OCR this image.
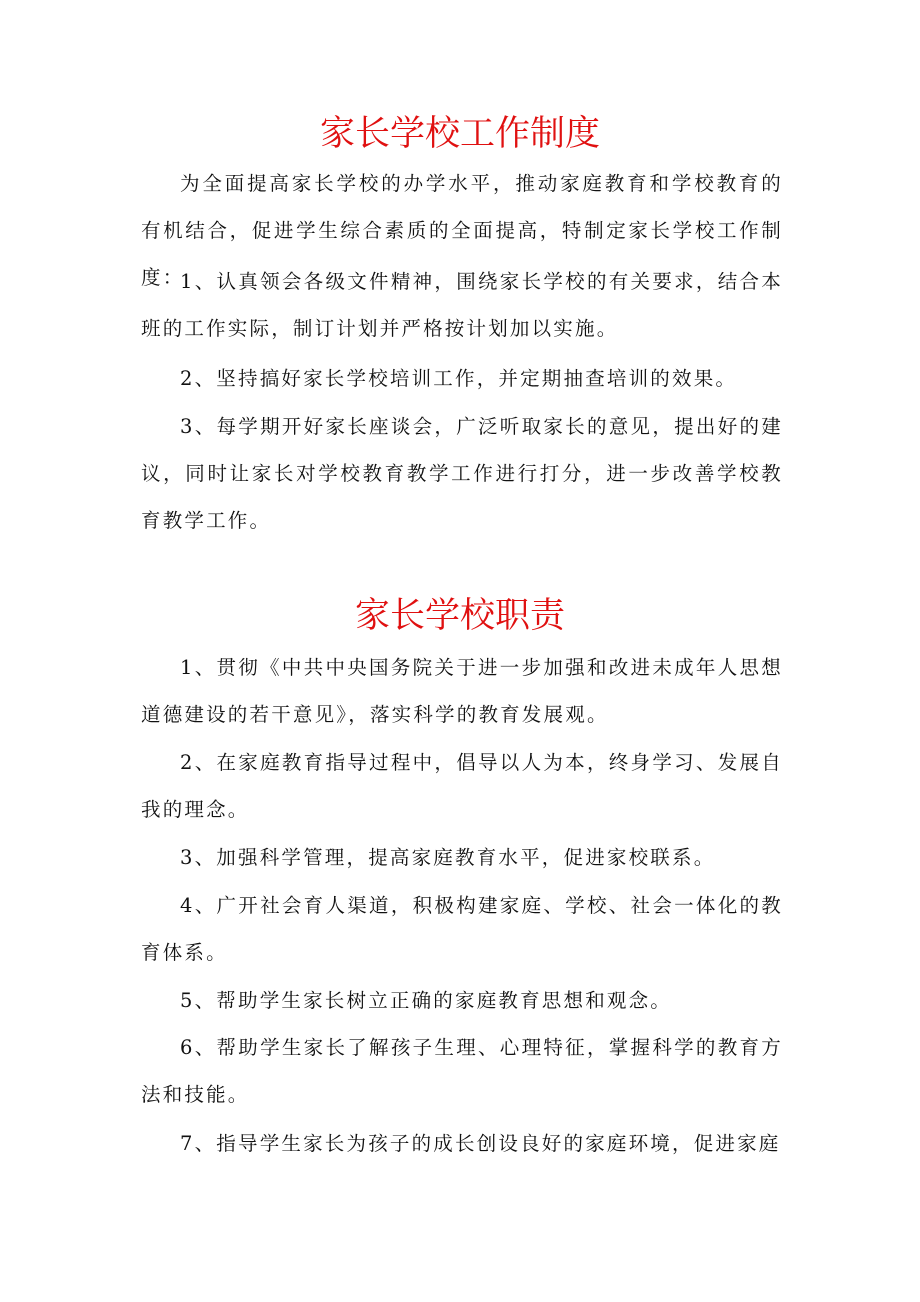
家长学校工作制度

为全面提高家长学校的办学水平，推动家庭教育和学校教育的有机结合，促进学生综合素质的全面提高，特制定家长学校工作制度：

1、认真领会各级文件精神，围绕家长学校的有关要求，结合本班的工作实际，制订计划并严格按计划加以实施。

2、坚持搞好家长学校培训工作，并定期抽查培训的效果。

3、每学期开好家长座谈会，广泛听取家长的意见，提出好的建议，同时让家长对学校教育教学工作进行打分，进一步改善学校教育教学工作。

家长学校职责

1、贯彻《中共中央国务院关于进一步加强和改进未成年人思想道德建设的若干意见》，落实科学的教育发展观。

2、在家庭教育指导过程中，倡导以人为本，终身学习、发展自我的理念。

3、加强科学管理，提高家庭教育水平，促进家校联系。

4、广开社会育人渠道，积极构建家庭、学校、社会一体化的教育体系。

5、帮助学生家长树立正确的家庭教育思想和观念。

6、帮助学生家长了解孩子生理、心理特征，掌握科学的教育方法和技能。

7、指导学生家长为孩子的成长创设良好的家庭环境，促进家庭
